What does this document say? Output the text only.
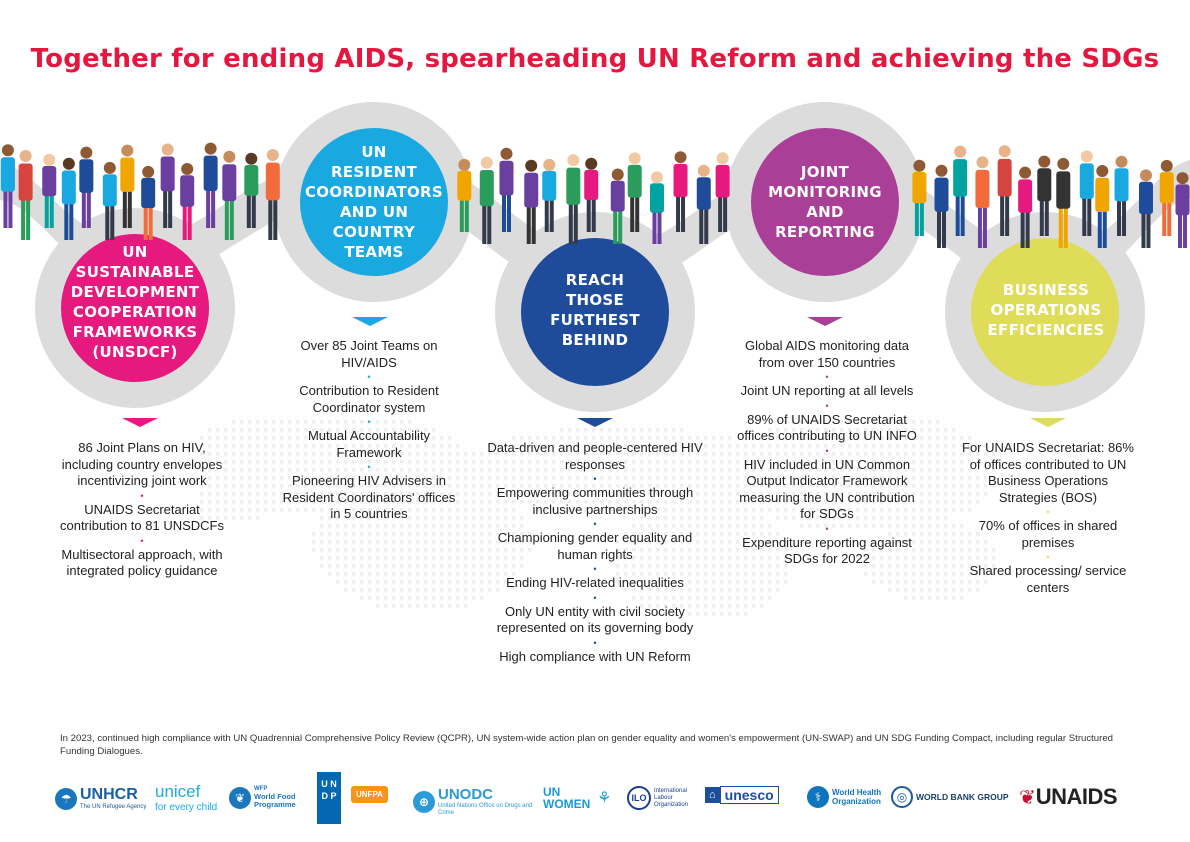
Together for ending AIDS, spearheading UN Reform and achieving the SDGs
UN
SUSTAINABLE
DEVELOPMENT
COOPERATION
FRAMEWORKS
(UNSDCF)
UN
RESIDENT
COORDINATORS
AND UN
COUNTRY
TEAMS
REACH
THOSE
FURTHEST
BEHIND
JOINT
MONITORING
AND
REPORTING
BUSINESS
OPERATIONS
EFFICIENCIES
86 Joint Plans on HIV, including country envelopes incentivizing joint work
•
UNAIDS Secretariat contribution to 81 UNSDCFs
•
Multisectoral approach, with integrated policy guidance
Over 85 Joint Teams on HIV/AIDS
•
Contribution to Resident Coordinator system
•
Mutual Accountability Framework
•
Pioneering HIV Advisers in Resident Coordinators' offices in 5 countries
Data-driven and people-centered HIV responses
•
Empowering communities through inclusive partnerships
•
Championing gender equality and human rights
•
Ending HIV-related inequalities
•
Only UN entity with civil society represented on its governing body
•
High compliance with UN Reform
Global AIDS monitoring data from over 150 countries
•
Joint UN reporting at all levels
•
89% of UNAIDS Secretariat offices contributing to UN INFO
•
HIV included in UN Common Output Indicator Framework measuring the UN contribution for SDGs
•
Expenditure reporting against SDGs for 2022
For UNAIDS Secretariat: 86% of offices contributed to UN Business Operations Strategies (BOS)
•
70% of offices in shared premises
•
Shared processing/ service centers
In 2023, continued high compliance with UN Quadrennial Comprehensive Policy Review (QCPR), UN system-wide action plan on gender equality and women's empowerment (UN-SWAP) and UN SDG Funding Compact, including regular Structured Funding Dialogues.
☂ UNHCR
The UN Refugee Agency
unicef
for every child
❦
WFP
World Food Programme
U N D P	UNFPA	⊕ UNODC
United Nations Office on Drugs and Crime
UN WOMEN ⚘	ILO
International Labour Organization
⌂ unesco	⚕	World Health Organization	◎	WORLD BANK GROUP ❦ UNAIDS
